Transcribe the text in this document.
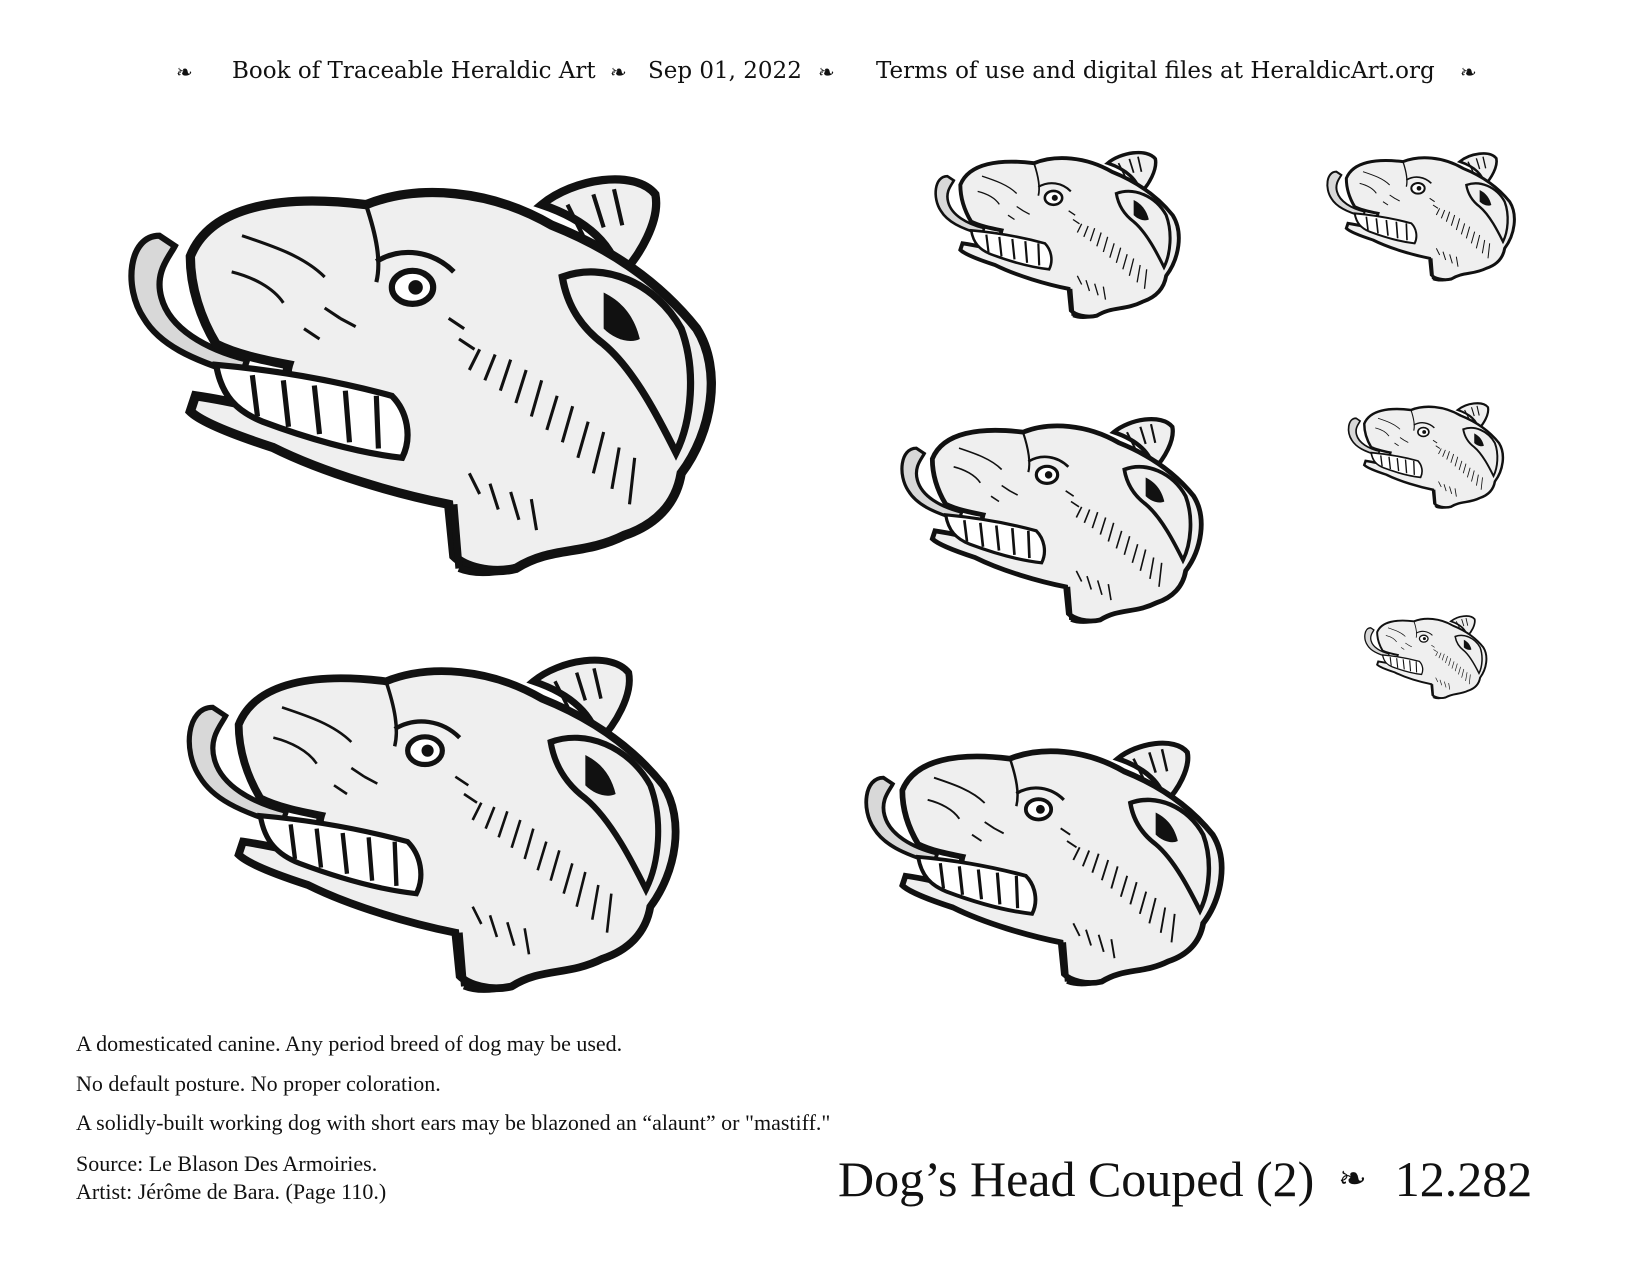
❧ Book of Traceable Heraldic Art ❧ Sep 01, 2022 ❧ Terms of use and digital files at HeraldicArt.org ❧
A domesticated canine. Any period breed of dog may be used.
No default posture. No proper coloration.
A solidly-built working dog with short ears may be blazoned an “alaunt” or "mastiff."
Source: Le Blason Des Armoiries.
Artist: Jérôme de Bara. (Page 110.)	Dog’s Head Couped (2) ❧ 12.282
